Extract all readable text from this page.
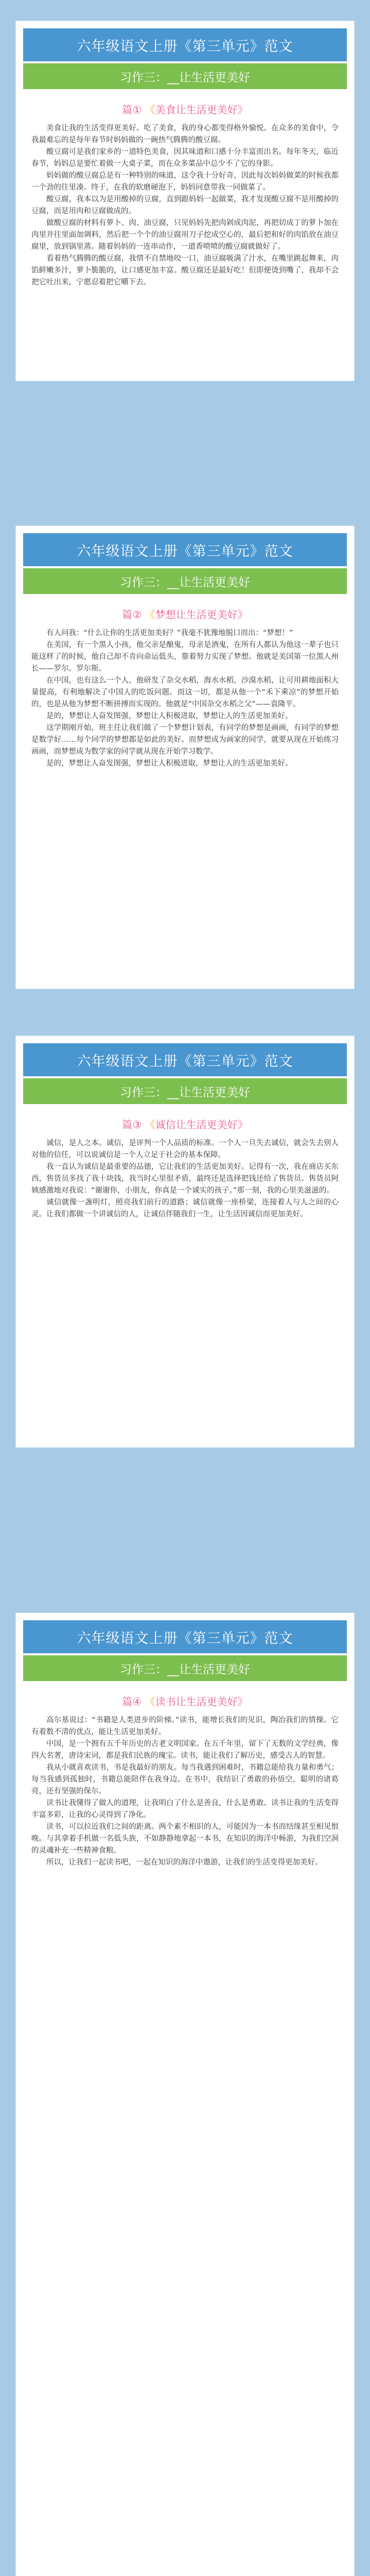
六年级语文上册《第三单元》范文
习作三：__让生活更美好
篇① 《美食让生活更美好》

美食让我的生活变得更美好。吃了美食，我的身心都变得格外愉悦。在众多的美食中，令我最难忘的是每年春节时妈妈做的一碗热气腾腾的酸豆腐。

酸豆腐可是我们家乡的一道特色美食，因其味道和口感十分丰富而出名。每年冬天，临近春节，妈妈总是要忙着做一大桌子菜，而在众多菜品中总少不了它的身影。

妈妈做的酸豆腐总是有一种特别的味道，这令我十分好奇，因此每次妈妈做菜的时候我都一个劲的往里凑。终于，在我的软磨硬泡下，妈妈同意带我一同做菜了。

酸豆腐，我本以为是用酸掉的豆腐，直到跟妈妈一起做菜，我才发现酸豆腐不是用酸掉的豆腐，而是用肉和豆腐做成的。

做酸豆腐的材料有萝卜、肉、油豆腐，只见妈妈先把肉剁成肉泥，再把切成丁的萝卜加在肉里并往里面加调料，然后把一个个的油豆腐用刀子挖成空心的，最后把和好的肉馅放在油豆腐里，放到锅里蒸。随着妈妈的一连串动作，一道香喷喷的酸豆腐就做好了。

看着热气腾腾的酸豆腐，我情不自禁地咬一口，油豆腐吸满了汁水，在嘴里跳起舞来，肉馅鲜嫩多汁，萝卜脆脆的，让口感更加丰富。酸豆腐还是最好吃！但即便烫到嘴了，我却不会把它吐出来，宁愿忍着把它嚼下去。

六年级语文上册《第三单元》范文
习作三：__让生活更美好
篇② 《梦想让生活更美好》

有人问我：“什么让你的生活更加美好？”我毫不犹豫地脱口而出：“梦想！”

在美国，有一个黑人小孩，他父亲是酿鬼，母亲是酒鬼，在所有人都认为他这一辈子也只能这样了的时候，他自己却不肯向命运低头，靠着努力实现了梦想。他就是美国第一位黑人州长——罗尔。罗尔斯。

在中国，也有这么一个人，他研发了杂交水稻，海水水稻，沙漠水稻，让可用耕地面积大量提高，有利地解决了中国人的吃饭问题。而这一切，都是从他一个“禾下乘凉”的梦想开始的，也是从他为梦想不断拼搏而实现的。他就是“中国杂交水稻之父”——袁隆平。

是的，梦想让人奋发图强，梦想让人积极进取，梦想让人的生活更加美好。

这学期刚开始，班主任让我们做了一个梦想计划表，有同学的梦想是画画，有同学的梦想是数学好……每个同学的梦想都是如此的美好。而梦想成为画家的同学，就要从现在开始练习画画，而梦想成为数学家的同学就从现在开始学习数学。

是的，梦想让人奋发图强，梦想让人积极进取，梦想让人的生活更加美好。

六年级语文上册《第三单元》范文
习作三：__让生活更美好
篇③ 《诚信让生活更美好》

诚信，是人之本。诚信，是评判一个人品质的标准。一个人一旦失去诚信，就会失去别人对他的信任，可以说诚信是一个人立足于社会的基本保障。

我一直认为诚信是最重要的品德，它让我们的生活更加美好。记得有一次，我在商店买东西，售货员多找了我十块钱，我当时心里很矛盾，最终还是选择把钱还给了售货员。售货员阿姨感激地对我说：“谢谢你，小朋友，你真是一个诚实的孩子。”那一刻，我的心里美滋滋的。

诚信就像一盏明灯，照亮我们前行的道路；诚信就像一座桥梁，连接着人与人之间的心灵。让我们都做一个讲诚信的人，让诚信伴随我们一生，让生活因诚信而更加美好。

六年级语文上册《第三单元》范文
习作三：__让生活更美好
篇④ 《读书让生活更美好》

高尔基说过：“书籍是人类进步的阶梯。”读书，能增长我们的见识，陶冶我们的情操。它有着数不清的优点，能让生活更加美好。

中国，是一个拥有五千年历史的古老文明国家。在五千年里，留下了无数的文学经典，像四大名著，唐诗宋词，都是我们民族的瑰宝。读书，能让我们了解历史，感受古人的智慧。

我从小就喜欢读书，书是我最好的朋友。每当我遇到困难时，书籍总能给我力量和勇气；每当我感到孤独时，书籍总能陪伴在我身边。在书中，我结识了勇敢的孙悟空，聪明的诸葛亮，还有坚强的保尔。

读书让我懂得了做人的道理，让我明白了什么是善良，什么是勇敢。读书让我的生活变得丰富多彩，让我的心灵得到了净化。

读书，可以拉近我们之间的距离。两个素不相识的人，可能因为一本书而结缘甚至相见恨晚。与其拿着手机做一名低头族，不如静静地拿起一本书，在知识的海洋中畅游，为我们空洞的灵魂补充一些精神食粮。

所以，让我们一起读书吧，一起在知识的海洋中遨游，让我们的生活变得更加美好。
